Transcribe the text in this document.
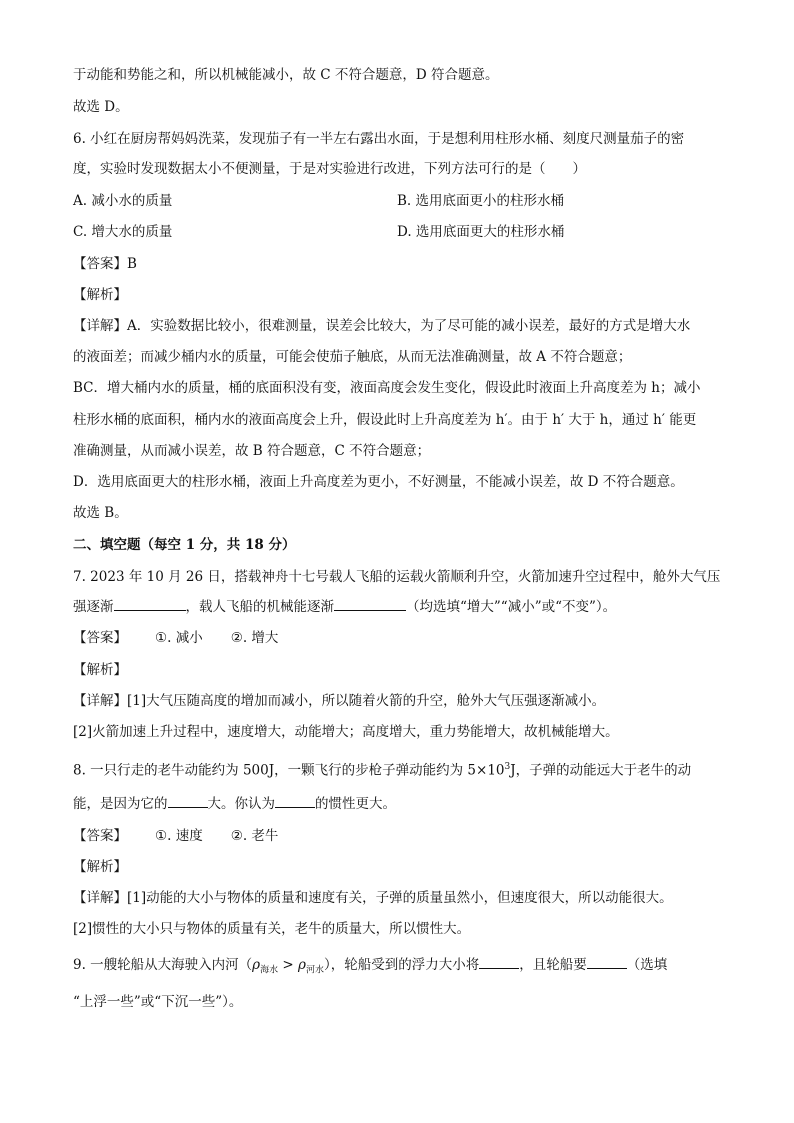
于动能和势能之和，所以机械能减小，故 C 不符合题意，D 符合题意。
故选 D。
6. 小红在厨房帮妈妈洗菜，发现茄子有一半左右露出水面，于是想利用柱形水桶、刻度尺测量茄子的密
度，实验时发现数据太小不便测量，于是对实验进行改进，下列方法可行的是（　　）
A. 减小水的质量	B. 选用底面更小的柱形水桶
C. 增大水的质量	D. 选用底面更大的柱形水桶
【答案】B
【解析】
【详解】A．实验数据比较小，很难测量，误差会比较大，为了尽可能的减小误差，最好的方式是增大水
的液面差；而减少桶内水的质量，可能会使茄子触底，从而无法准确测量，故 A 不符合题意；
BC．增大桶内水的质量，桶的底面积没有变，液面高度会发生变化，假设此时液面上升高度差为 h；减小
柱形水桶的底面积，桶内水的液面高度会上升，假设此时上升高度差为 h′。由于 h′ 大于 h，通过 h′ 能更
准确测量，从而减小误差，故 B 符合题意，C 不符合题意；
D．选用底面更大的柱形水桶，液面上升高度差为更小，不好测量，不能减小误差，故 D 不符合题意。
故选 B。
二、填空题（每空 1 分，共 18 分）
7. 2023 年 10 月 26 日，搭载神舟十七号载人飞船的运载火箭顺利升空，火箭加速升空过程中，舱外大气压
强逐渐	，载人飞船的机械能逐渐	（均选填“增大”“减小”或“不变”）。
【答案】 ①. 减小 ②. 增大
【解析】
【详解】[1]大气压随高度的增加而减小，所以随着火箭的升空，舱外大气压强逐渐减小。
[2]火箭加速上升过程中，速度增大，动能增大；高度增大，重力势能增大，故机械能增大。
8. 一只行走的老牛动能约为 500J，一颗飞行的步枪子弹动能约为 $5\times 10^3J$，子弹的动能远大于老牛的动
能，是因为它的	大。你认为	的惯性更大。
【答案】 ①. 速度 ②. 老牛
【解析】
【详解】[1]动能的大小与物体的质量和速度有关，子弹的质量虽然小，但速度很大，所以动能很大。
[2]惯性的大小只与物体的质量有关，老牛的质量大，所以惯性大。
9. 一艘轮船从大海驶入内河$(\rho_{海水} > \rho_{河水})$，轮船受到的浮力大小将	，且轮船要	（选填
“上浮一些”或“下沉一些”）。
